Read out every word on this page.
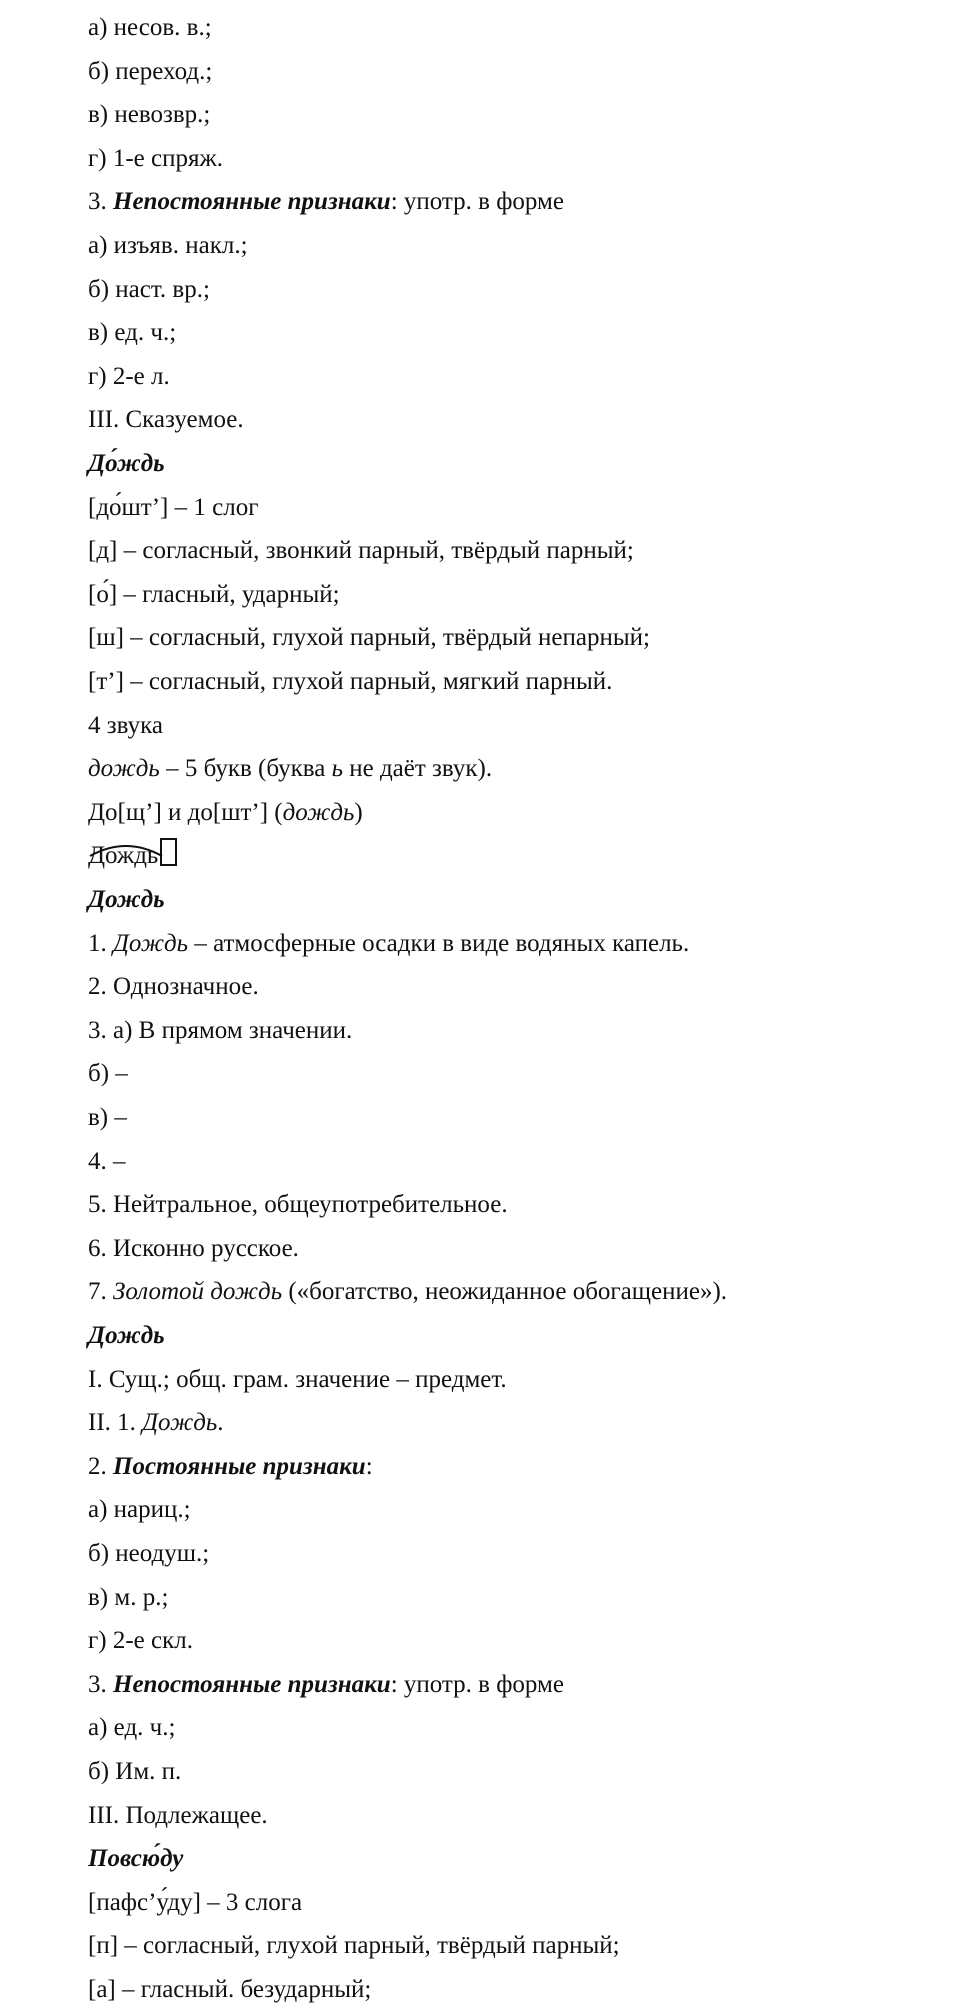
а) несов. в.;
б) переход.;
в) невозвр.;
г) 1-е спряж.
3. Непостоянные признаки: употр. в форме
а) изъяв. накл.;
б) наст. вр.;
в) ед. ч.;
г) 2-е л.
III. Сказуемое.
До́ждь
[до́шт’] – 1 слог
[д] – согласный, звонкий парный, твёрдый парный;
[о́] – гласный, ударный;
[ш] – согласный, глухой парный, твёрдый непарный;
[т’] – согласный, глухой парный, мягкий парный.
4 звука
дождь – 5 букв (буква ь не даёт звук).
До[щ’] и до[шт’] (дождь)
Дождь
Дождь
1. Дождь – атмосферные осадки в виде водяных капель.
2. Однозначное.
3. а) В прямом значении.
б) –
в) –
4. –
5. Нейтральное, общеупотребительное.
6. Исконно русское.
7. Золотой дождь («богатство, неожиданное обогащение»).
Дождь
I. Сущ.; общ. грам. значение – предмет.
II. 1. Дождь.
2. Постоянные признаки:
а) нариц.;
б) неодуш.;
в) м. р.;
г) 2-е скл.
3. Непостоянные признаки: употр. в форме
а) ед. ч.;
б) Им. п.
III. Подлежащее.
Повсю́ду
[пафс’у́ду] – 3 слога
[п] – согласный, глухой парный, твёрдый парный;
[а] – гласный. безударный;
